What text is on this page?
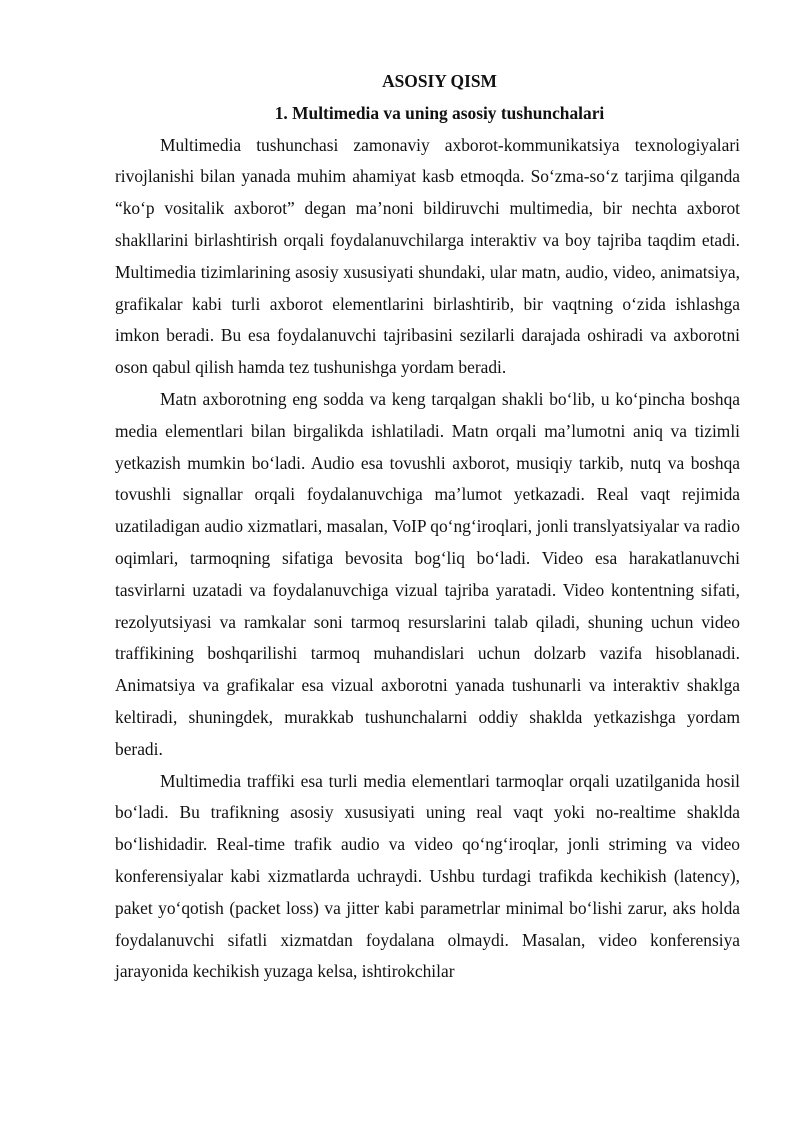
ASOSIY QISM

1. Multimedia va uning asosiy tushunchalari

Multimedia tushunchasi zamonaviy axborot-kommunikatsiya texnologiyalari rivojlanishi bilan yanada muhim ahamiyat kasb etmoqda. So‘zma-so‘z tarjima qilganda “ko‘p vositalik axborot” degan ma’noni bildiruvchi multimedia, bir nechta axborot shakllarini birlashtirish orqali foydalanuvchilarga interaktiv va boy tajriba taqdim etadi. Multimedia tizimlarining asosiy xususiyati shundaki, ular matn, audio, video, animatsiya, grafikalar kabi turli axborot elementlarini birlashtirib, bir vaqtning o‘zida ishlashga imkon beradi. Bu esa foydalanuvchi tajribasini sezilarli darajada oshiradi va axborotni oson qabul qilish hamda tez tushunishga yordam beradi.

Matn axborotning eng sodda va keng tarqalgan shakli bo‘lib, u ko‘pincha boshqa media elementlari bilan birgalikda ishlatiladi. Matn orqali ma’lumotni aniq va tizimli yetkazish mumkin bo‘ladi. Audio esa tovushli axborot, musiqiy tarkib, nutq va boshqa tovushli signallar orqali foydalanuvchiga ma’lumot yetkazadi. Real vaqt rejimida uzatiladigan audio xizmatlari, masalan, VoIP qo‘ng‘iroqlari, jonli translyatsiyalar va radio oqimlari, tarmoqning sifatiga bevosita bog‘liq bo‘ladi. Video esa harakatlanuvchi tasvirlarni uzatadi va foydalanuvchiga vizual tajriba yaratadi. Video kontentning sifati, rezolyutsiyasi va ramkalar soni tarmoq resurslarini talab qiladi, shuning uchun video traffikining boshqarilishi tarmoq muhandislari uchun dolzarb vazifa hisoblanadi. Animatsiya va grafikalar esa vizual axborotni yanada tushunarli va interaktiv shaklga keltiradi, shuningdek, murakkab tushunchalarni oddiy shaklda yetkazishga yordam beradi.

Multimedia traffiki esa turli media elementlari tarmoqlar orqali uzatilganida hosil bo‘ladi. Bu trafikning asosiy xususiyati uning real vaqt yoki no-realtime shaklda bo‘lishidadir. Real-time trafik audio va video qo‘ng‘iroqlar, jonli striming va video konferensiyalar kabi xizmatlarda uchraydi. Ushbu turdagi trafikda kechikish (latency), paket yo‘qotish (packet loss) va jitter kabi parametrlar minimal bo‘lishi zarur, aks holda foydalanuvchi sifatli xizmatdan foydalana olmaydi. Masalan, video konferensiya jarayonida kechikish yuzaga kelsa, ishtirokchilar
